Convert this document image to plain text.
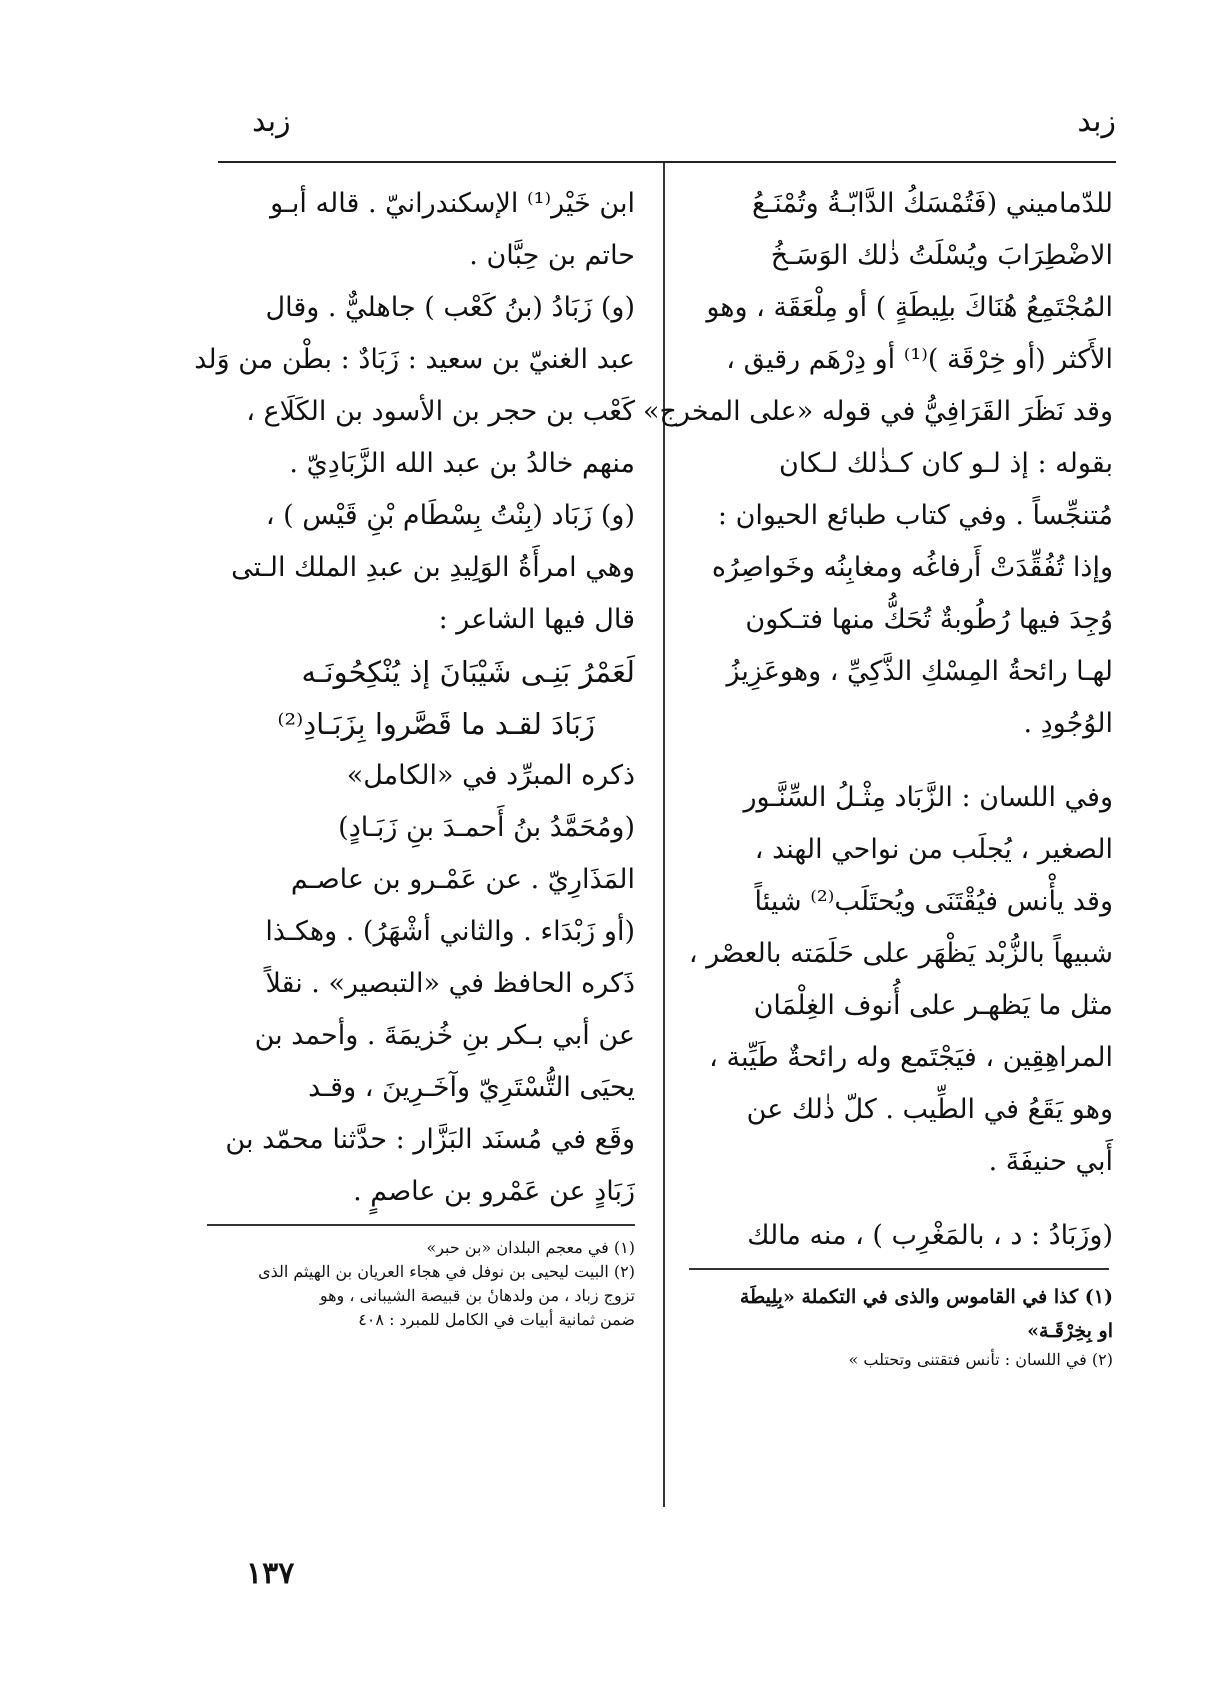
زبد
زبد

للدّماميني (فَتُمْسَكُ الدَّابّـةُ وتُمْنَـعُ

الاضْطِرَابَ ويُسْلَتُ ذٰلك الوَسَـخُ

المُجْتَمِعُ هُنَاكَ بلِيطَةٍ ) أو مِلْعَقَة ، وهو

الأَكثر (أو خِرْقَة )⁽¹⁾ أو دِرْهَم رقيق ،

وقد نَظَرَ القَرَافِيُّ في قوله «على المخرج»

بقوله : إذ لـو كان كـذٰلك لـكان

مُتنجِّساً . وفي كتاب طبائع الحيوان :

وإذا تُفُقِّدَتْ أَرفاغُه ومغابِنُه وخَواصِرُه

وُجِدَ فيها رُطُوبةٌ تُحَكُّ منها فتـكون

لهـا رائحةُ المِسْكِ الذَّكِيِّ ، وهوعَزِيزُ

الوُجُودِ .

وفي اللسان : الزَّبَاد مِثْـلُ السِّنَّـور

الصغير ، يُجلَب من نواحي الهند ،

وقد يأْنس فيُقْتَنَى ويُحتَلَب⁽²⁾ شيئاً

شبيهاً بالزُّبْد يَظْهَر على حَلَمَته بالعصْر ،

مثل ما يَظهـر على أُنوف الغِلْمَان

المراهِقِين ، فيَجْتَمع وله رائحةٌ طَيِّبة ،

وهو يَقَعُ في الطِّيب . كلّ ذٰلك عن

أَبي حنيفَةَ .

(وزَبَادُ : د ، بالمَغْرِب ) ، منه مالك

(١) كذا في القاموس والذى في التكملة «بِلِيطَة

او بِخِرْقَـة»

(٢) في اللسان : تأنس فتقتنى وتحتلب »

ابن خَيْر⁽¹⁾ الإسكندرانيّ . قاله أبـو

حاتم بن حِبَّان .

(و) زَبَادُ (بنُ كَعْب ) جاهليٌّ . وقال

عبد الغنيّ بن سعيد : زَبَادٌ : بطْن من وَلد

كَعْب بن حجر بن الأسود بن الكَلَاع ،

منهم خالدُ بن عبد الله الزَّبَادِيّ .

(و) زَبَاد (بِنْتُ بِسْطَام بْنِ قَيْس ) ،

وهي امرأَةُ الوَلِيدِ بن عبدِ الملك الـتى

قال فيها الشاعر :

لَعَمْرُ بَنِـى شَيْبَانَ إذ يُنْكِحُونَـه

زَبَادَ لقـد ما قَصَّروا بِزَبَـادِ⁽²⁾

ذكره المبرِّد في «الكامل»

(ومُحَمَّدُ بنُ أَحمـدَ بنِ زَبَـادٍ)

المَذَارِيّ . عن عَمْـرو بن عاصـم

(أو زَبْدَاء . والثاني أشْهَرُ) . وهكـذا

ذَكره الحافظ في «التبصير» . نقلاً

عن أبي بـكر بنِ خُزيمَةَ . وأحمد بن

يحيَى التُّسْتَرِيّ وآخَـرِينَ ، وقـد

وقَع في مُسنَد البَزَّار : حدَّثنا محمّد بن

زَبَادٍ عن عَمْرو بن عاصمٍ .

(١) في معجم البلدان «بن حبر»

(٢) البيت ليحيى بن نوفل في هجاء العريان بن الهيثم الذى

تزوج زباد ، من ولدهانٔ بن قبيصة الشيبانى ، وهو

ضمن ثمانية أبيات في الكامل للمبرد : ٤٠٨

١٣٧
